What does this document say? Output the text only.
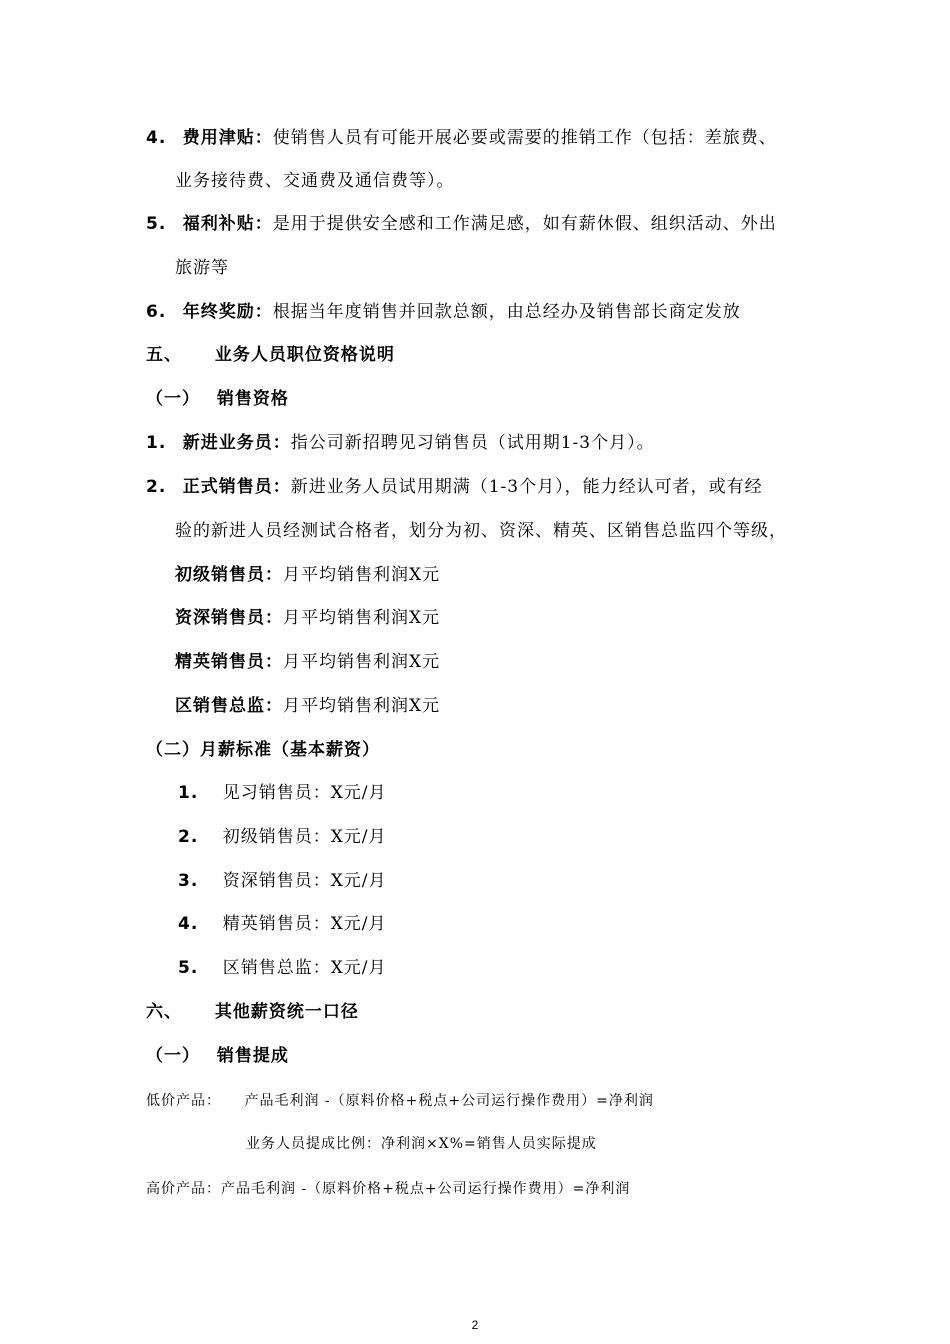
4. 费用津贴：使销售人员有可能开展必要或需要的推销工作（包括：差旅费、
业务接待费、交通费及通信费等）。
5. 福利补贴：是用于提供安全感和工作满足感，如有薪休假、组织活动、外出
旅游等
6. 年终奖励：根据当年度销售并回款总额，由总经办及销售部长商定发放
五、 业务人员职位资格说明
（一） 销售资格
1. 新进业务员：指公司新招聘见习销售员（试用期1-3个月）。
2. 正式销售员：新进业务人员试用期满（1-3个月），能力经认可者，或有经
验的新进人员经测试合格者，划分为初、资深、精英、区销售总监四个等级，
初级销售员：月平均销售利润X元
资深销售员：月平均销售利润X元
精英销售员：月平均销售利润X元
区销售总监：月平均销售利润X元
（二）月薪标准（基本薪资）
1. 见习销售员：X元/月
2. 初级销售员：X元/月
3. 资深销售员：X元/月
4. 精英销售员：X元/月
5. 区销售总监：X元/月
六、 其他薪资统一口径
（一） 销售提成
低价产品： 产品毛利润 -（原料价格+税点+公司运行操作费用）=净利润
业务人员提成比例：净利润×X%=销售人员实际提成
高价产品：产品毛利润 -（原料价格+税点+公司运行操作费用）=净利润
2
